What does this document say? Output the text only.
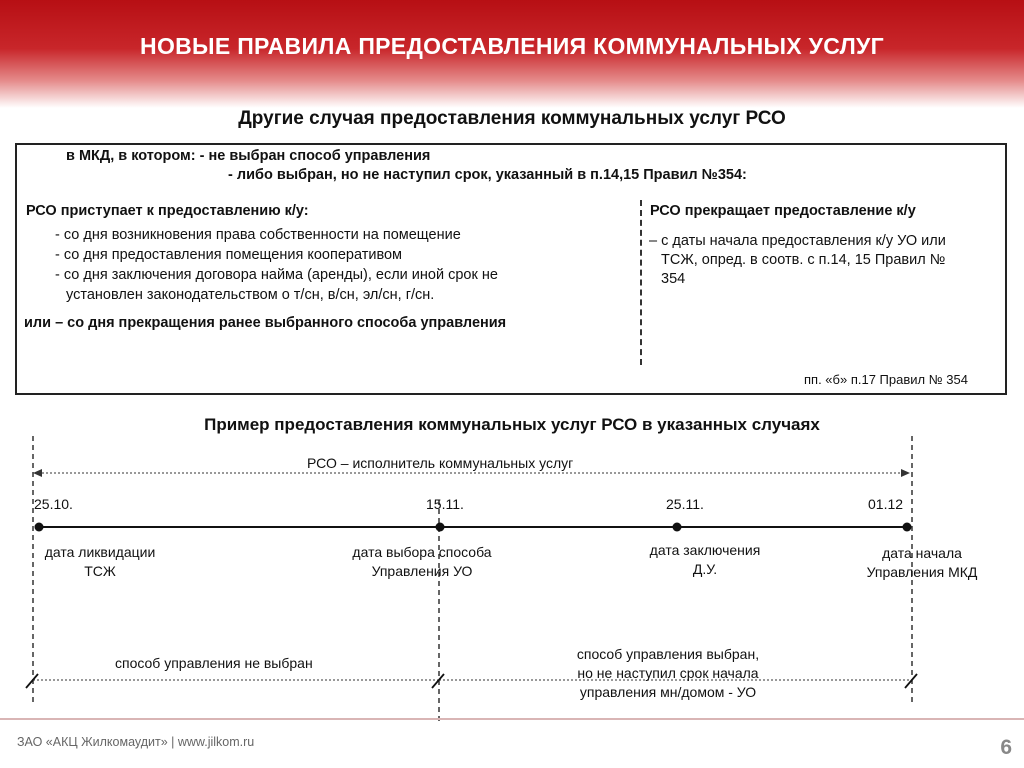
НОВЫЕ ПРАВИЛА ПРЕДОСТАВЛЕНИЯ КОММУНАЛЬНЫХ УСЛУГ
Другие случая предоставления коммунальных услуг РСО
в МКД, в котором: - не выбран способ управления
- либо выбран, но не наступил срок, указанный в п.14,15 Правил №354:
РСО приступает к предоставлению к/у:
- со дня возникновения права собственности на помещение
- со дня предоставления помещения кооперативом
- со дня заключения договора найма (аренды), если иной срок не
установлен законодательством о т/сн, в/сн, эл/сн, г/сн.
или – со дня прекращения ранее выбранного способа управления
РСО прекращает предоставление к/у
– с даты начала предоставления к/у УО или
ТСЖ, опред. в соотв. с п.14, 15 Правил №
354
пп. «б» п.17 Правил № 354
Пример предоставления коммунальных услуг РСО в указанных случаях
РСО – исполнитель коммунальных услуг
25.10.	15.11.	25.11.	01.12
дата ликвидации
ТСЖ
дата выбора способа
Управления УО
дата заключения
Д.У.
дата начала
Управления МКД
способ управления не выбран
способ управления выбран,
но не наступил срок начала
управления мн/домом - УО
ЗАО «АКЦ Жилкомаудит» | www.jilkom.ru	6
